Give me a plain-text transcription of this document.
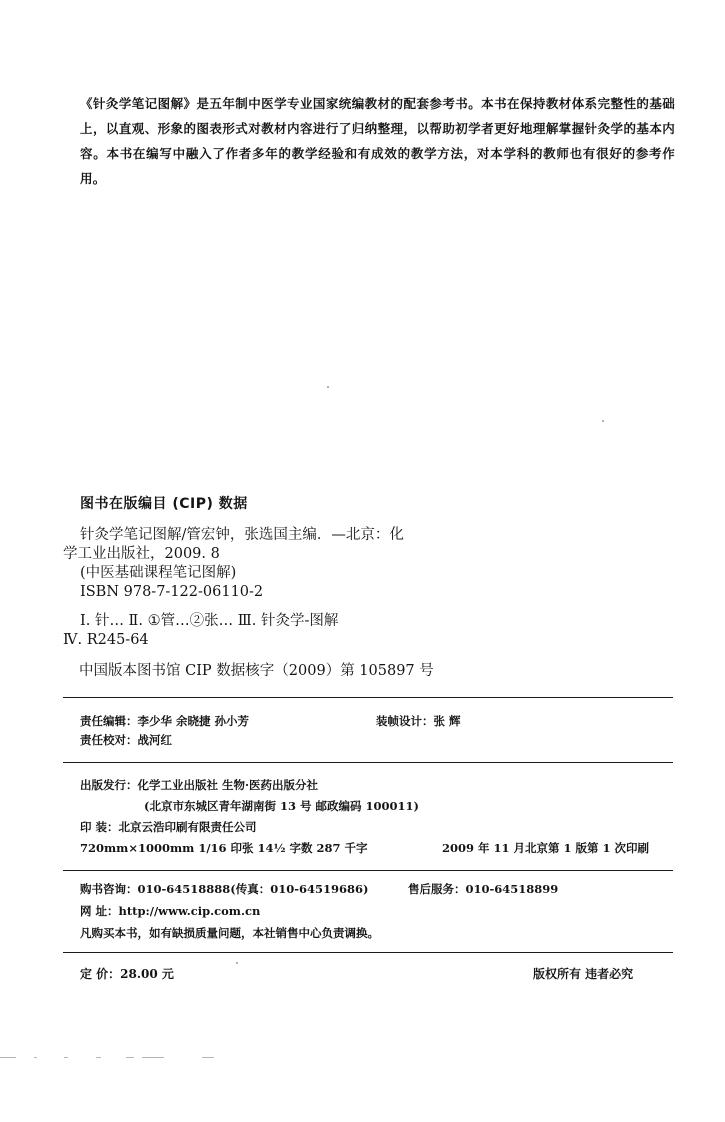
《针灸学笔记图解》是五年制中医学专业国家统编教材的配套参考书。本书在保持教材体系完整性的基础上，以直观、形象的图表形式对教材内容进行了归纳整理，以帮助初学者更好地理解掌握针灸学的基本内容。本书在编写中融入了作者多年的教学经验和有成效的教学方法，对本学科的教师也有很好的参考作用。

图书在版编目 (CIP) 数据
针灸学笔记图解/管宏钟，张选国主编．—北京：化
学工业出版社，2009. 8
(中医基础课程笔记图解)
ISBN 978-7-122-06110-2
Ⅰ. 针… Ⅱ. ①管…②张… Ⅲ. 针灸学-图解
Ⅳ. R245-64
中国版本图书馆 CIP 数据核字（2009）第 105897 号
责任编辑：李少华 余晓捷 孙小芳	装帧设计：张 辉
责任校对：战河红
出版发行：化学工业出版社 生物·医药出版分社
(北京市东城区青年湖南街 13 号 邮政编码 100011)
印 装：北京云浩印刷有限责任公司
720mm×1000mm 1/16 印张 14½ 字数 287 千字	2009 年 11 月北京第 1 版第 1 次印刷
购书咨询：010-64518888(传真：010-64519686)	售后服务：010-64518899
网 址：http://www.cip.com.cn
凡购买本书，如有缺损质量问题，本社销售中心负责调换。
定 价：28.00 元	版权所有 违者必究
